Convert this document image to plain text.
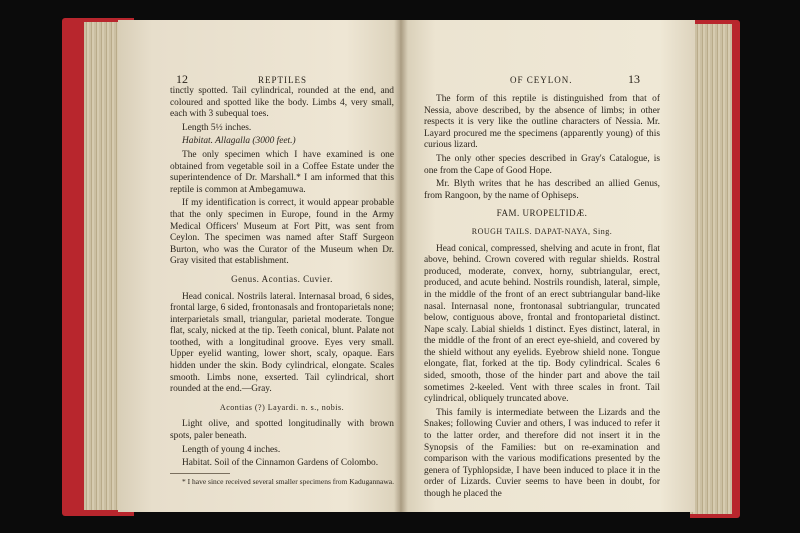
12	REPTILES

tinctly spotted. Tail cylindrical, rounded at the end, and coloured and spotted like the body. Limbs 4, very small, each with 3 subequal toes.

Length 5½ inches.

Habitat. Allagalla (3000 feet.)

The only specimen which I have examined is one obtained from vegetable soil in a Coffee Estate under the superintendence of Dr. Marshall.* I am informed that this reptile is common at Ambegamuwa.

If my identification is correct, it would appear probable that the only specimen in Europe, found in the Army Medical Officers' Museum at Fort Pitt, was sent from Ceylon. The specimen was named after Staff Surgeon Burton, who was the Curator of the Museum when Dr. Gray visited that establishment.

Genus. Acontias. Cuvier.

Head conical. Nostrils lateral. Internasal broad, 6 sides, frontal large, 6 sided, frontonasals and frontoparietals none; interparietals small, triangular, parietal moderate. Tongue flat, scaly, nicked at the tip. Teeth conical, blunt. Palate not toothed, with a longitudinal groove. Eyes very small. Upper eyelid wanting, lower short, scaly, opaque. Ears hidden under the skin. Body cylindrical, elongate. Scales smooth. Limbs none, exserted. Tail cylindrical, short rounded at the end.—Gray.

Acontias (?) Layardi. n. s., nobis.

Light olive, and spotted longitudinally with brown spots, paler beneath.

Length of young 4 inches.

Habitat. Soil of the Cinnamon Gardens of Colombo.

* I have since received several smaller specimens from Kadugannawa.

OF CEYLON.	13

The form of this reptile is distinguished from that of Nessia, above described, by the absence of limbs; in other respects it is very like the outline characters of Nessia. Mr. Layard procured me the specimens (apparently young) of this curious lizard.

The only other species described in Gray's Catalogue, is one from the Cape of Good Hope.

Mr. Blyth writes that he has described an allied Genus, from Rangoon, by the name of Ophiseps.

FAM. UROPELTIDÆ.
ROUGH TAILS. DAPAT-NAYA, Sing.

Head conical, compressed, shelving and acute in front, flat above, behind. Crown covered with regular shields. Rostral produced, moderate, convex, horny, subtriangular, erect, produced, and acute behind. Nostrils roundish, lateral, simple, in the middle of the front of an erect subtriangular band-like nasal. Internasal none, frontonasal subtriangular, truncated below, contiguous above, frontal and frontoparietal distinct. Nape scaly. Labial shields 1 distinct. Eyes distinct, lateral, in the middle of the front of an erect eye-shield, and covered by the shield without any eyelids. Eyebrow shield none. Tongue elongate, flat, forked at the tip. Body cylindrical. Scales 6 sided, smooth, those of the hinder part and above the tail sometimes 2-keeled. Vent with three scales in front. Tail cylindrical, obliquely truncated above.

This family is intermediate between the Lizards and the Snakes; following Cuvier and others, I was induced to refer it to the latter order, and therefore did not insert it in the Synopsis of the Families: but on re-examination and comparison with the various modifications presented by the genera of Typhlopsidæ, I have been induced to place it in the order of Lizards. Cuvier seems to have been in doubt, for though he placed the
